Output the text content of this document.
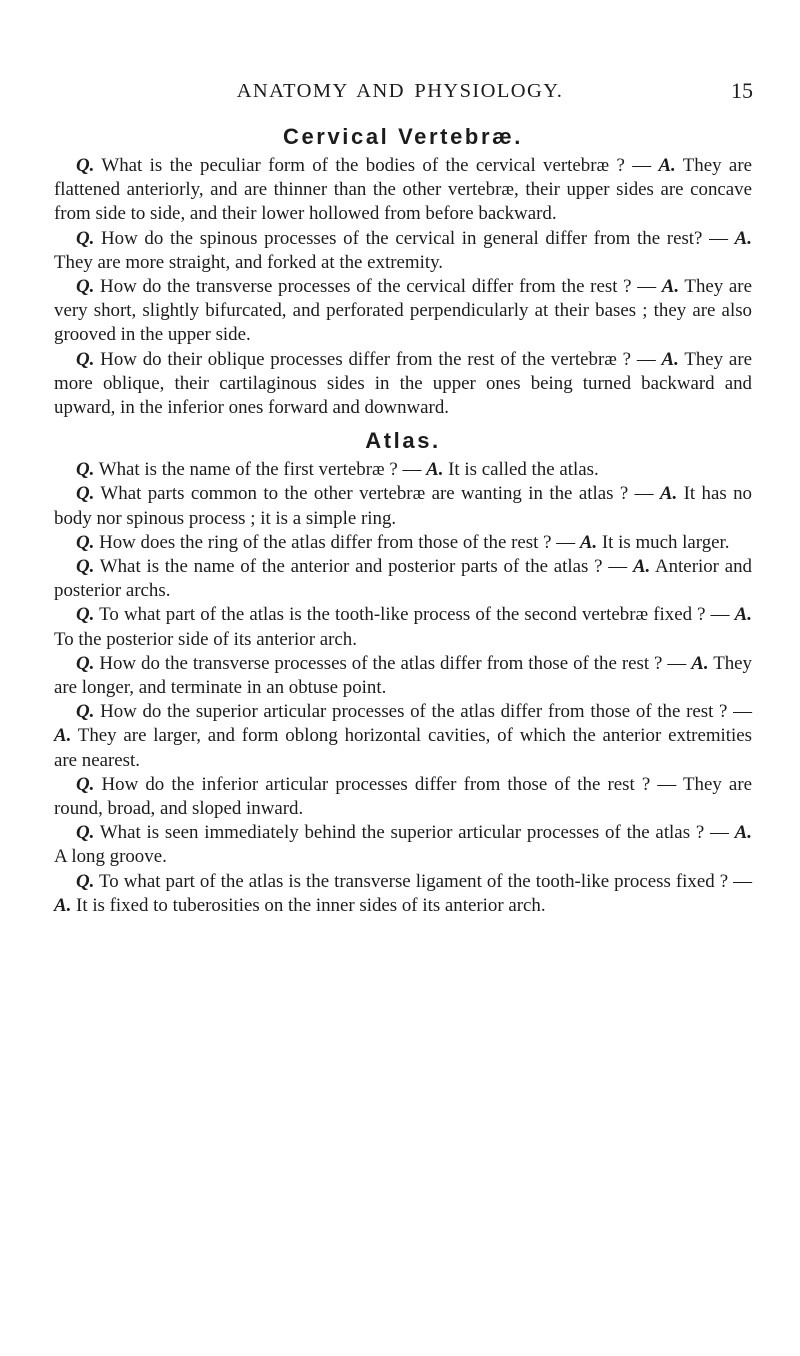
ANATOMY AND PHYSIOLOGY.	15
Cervical Vertebræ.

Q. What is the peculiar form of the bodies of the cervical vertebræ ? — A. They are flattened anteriorly, and are thinner than the other vertebræ, their upper sides are concave from side to side, and their lower hollowed from before backward.

Q. How do the spinous processes of the cervical in general differ from the rest? — A. They are more straight, and forked at the extremity.

Q. How do the transverse processes of the cervical differ from the rest ? — A. They are very short, slightly bifurcated, and perforated perpendicularly at their bases ; they are also grooved in the upper side.

Q. How do their oblique processes differ from the rest of the vertebræ ? — A. They are more oblique, their cartilaginous sides in the upper ones being turned backward and upward, in the inferior ones forward and downward.

Atlas.

Q. What is the name of the first vertebræ ? — A. It is called the atlas.

Q. What parts common to the other vertebræ are wanting in the atlas ? — A. It has no body nor spinous process ; it is a simple ring.

Q. How does the ring of the atlas differ from those of the rest ? — A. It is much larger.

Q. What is the name of the anterior and posterior parts of the atlas ? — A. Anterior and posterior archs.

Q. To what part of the atlas is the tooth-like process of the second vertebræ fixed ? — A. To the posterior side of its anterior arch.

Q. How do the transverse processes of the atlas differ from those of the rest ? — A. They are longer, and terminate in an obtuse point.

Q. How do the superior articular processes of the atlas differ from those of the rest ? — A. They are larger, and form oblong horizontal cavities, of which the anterior extremities are nearest.

Q. How do the inferior articular processes differ from those of the rest ? — They are round, broad, and sloped inward.

Q. What is seen immediately behind the superior articular processes of the atlas ? — A. A long groove.

Q. To what part of the atlas is the transverse ligament of the tooth-like process fixed ? — A. It is fixed to tuberosities on the inner sides of its anterior arch.
